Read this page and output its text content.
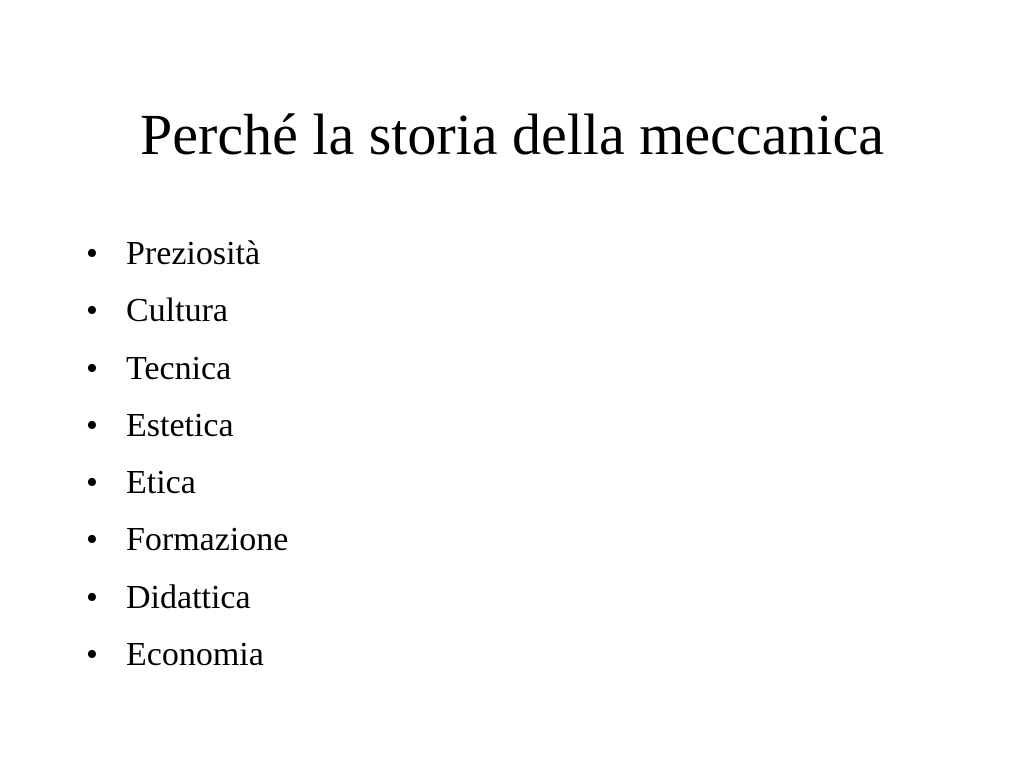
Perché la storia della meccanica
• Preziosità
• Cultura
• Tecnica
• Estetica
• Etica
• Formazione
• Didattica
• Economia
